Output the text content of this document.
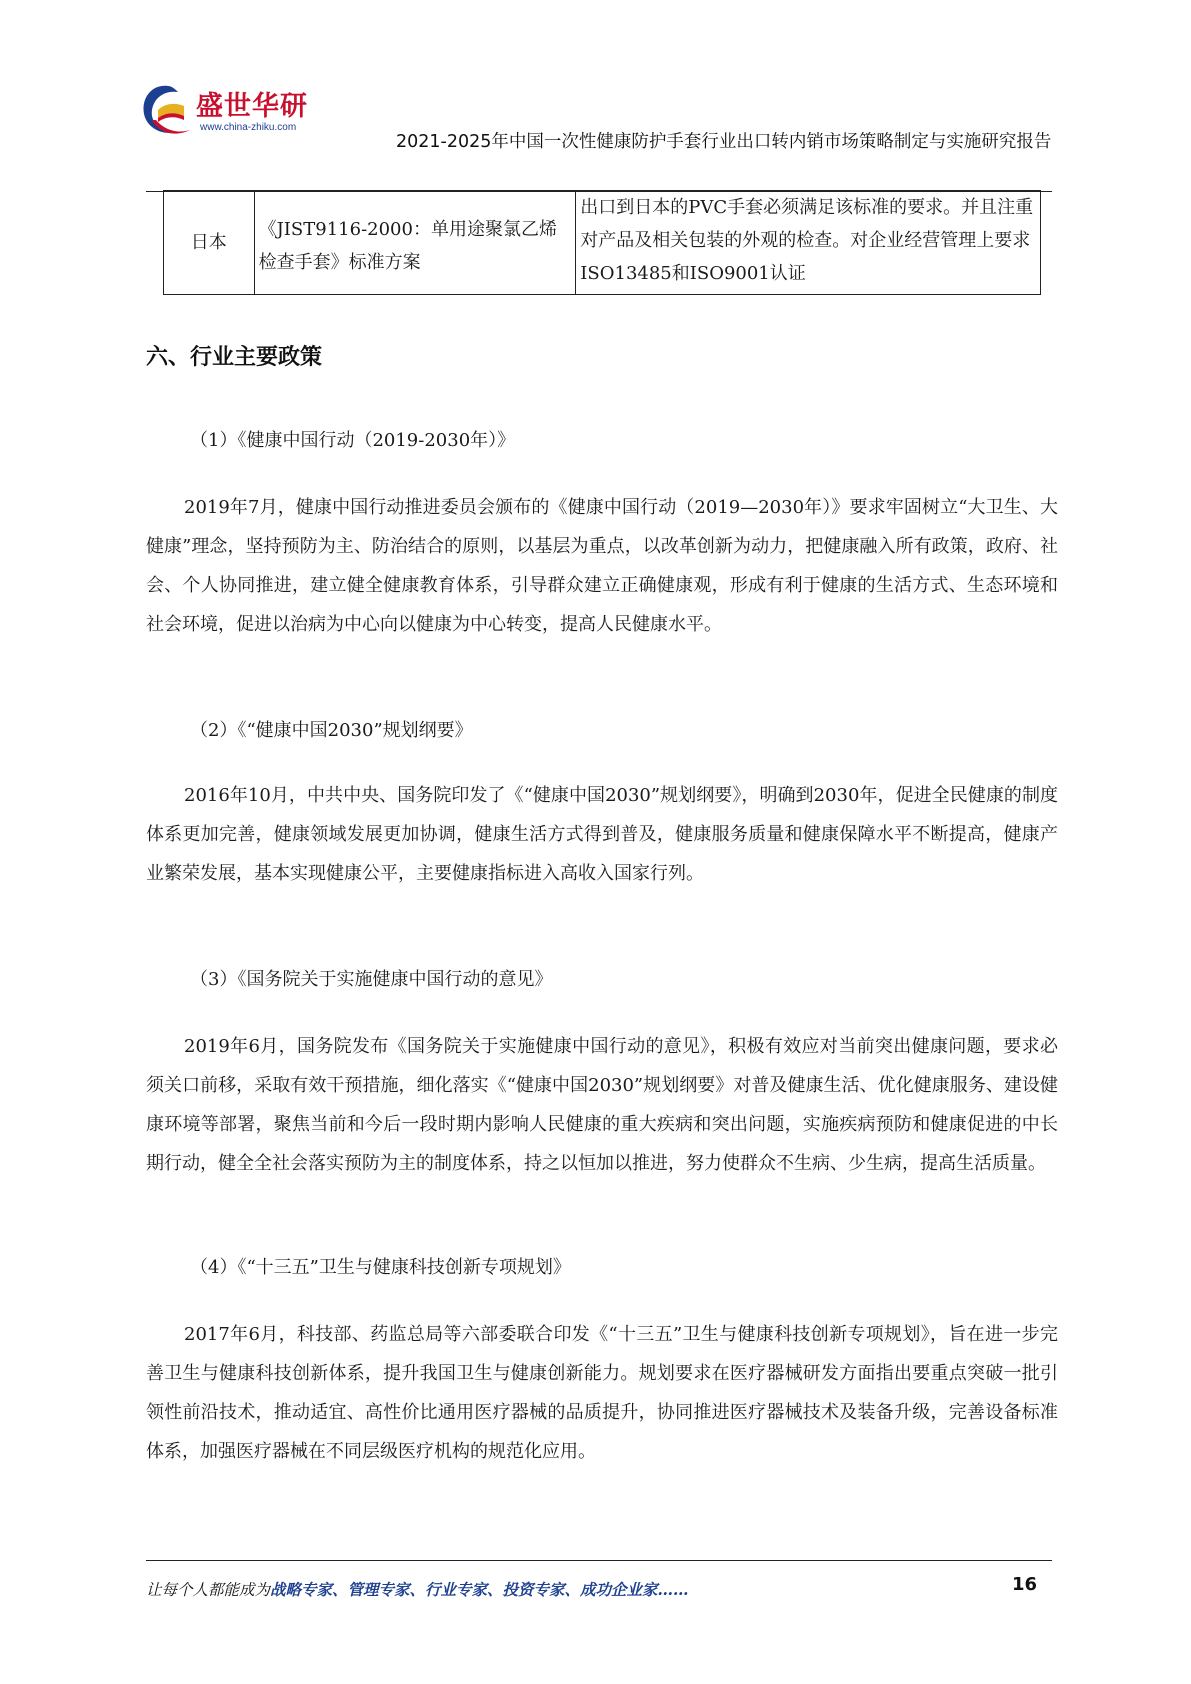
盛世华研
www.china-zhiku.com
2021-2025年中国一次性健康防护手套行业出口转内销市场策略制定与实施研究报告
日本	《JIST9116-2000：单用途聚氯乙烯检查手套》标准方案	出口到日本的PVC手套必须满足该标准的要求。并且注重对产品及相关包装的外观的检查。对企业经营管理上要求ISO13485和ISO9001认证
六、行业主要政策
（1）《健康中国行动（2019-2030年）》
2019年7月，健康中国行动推进委员会颁布的《健康中国行动（2019—2030年）》要求牢固树立“大卫生、大健康”理念，坚持预防为主、防治结合的原则，以基层为重点，以改革创新为动力，把健康融入所有政策，政府、社会、个人协同推进，建立健全健康教育体系，引导群众建立正确健康观，形成有利于健康的生活方式、生态环境和社会环境，促进以治病为中心向以健康为中心转变，提高人民健康水平。
（2）《“健康中国2030”规划纲要》
2016年10月，中共中央、国务院印发了《“健康中国2030”规划纲要》，明确到2030年，促进全民健康的制度体系更加完善，健康领域发展更加协调，健康生活方式得到普及，健康服务质量和健康保障水平不断提高，健康产业繁荣发展，基本实现健康公平，主要健康指标进入高收入国家行列。
（3）《国务院关于实施健康中国行动的意见》
2019年6月，国务院发布《国务院关于实施健康中国行动的意见》，积极有效应对当前突出健康问题，要求必须关口前移，采取有效干预措施，细化落实《“健康中国2030”规划纲要》对普及健康生活、优化健康服务、建设健康环境等部署，聚焦当前和今后一段时期内影响人民健康的重大疾病和突出问题，实施疾病预防和健康促进的中长期行动，健全全社会落实预防为主的制度体系，持之以恒加以推进，努力使群众不生病、少生病，提高生活质量。
（4）《“十三五”卫生与健康科技创新专项规划》
2017年6月，科技部、药监总局等六部委联合印发《“十三五”卫生与健康科技创新专项规划》，旨在进一步完善卫生与健康科技创新体系，提升我国卫生与健康创新能力。规划要求在医疗器械研发方面指出要重点突破一批引领性前沿技术，推动适宜、高性价比通用医疗器械的品质提升，协同推进医疗器械技术及装备升级，完善设备标准体系，加强医疗器械在不同层级医疗机构的规范化应用。
让每个人都能成为战略专家、管理专家、行业专家、投资专家、成功企业家……	16
